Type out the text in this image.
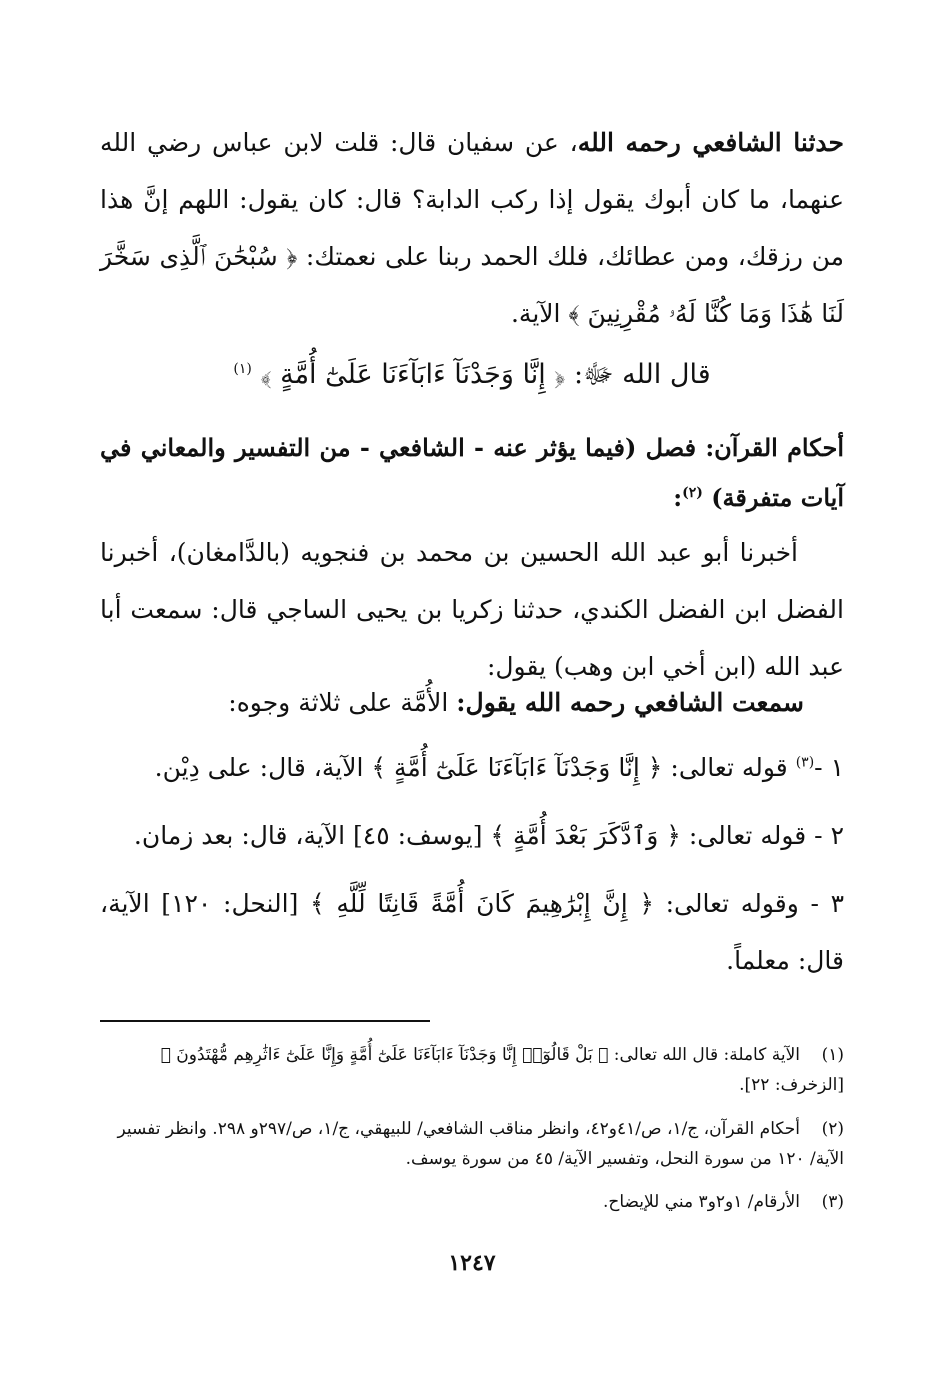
حدثنا الشافعي رحمه الله، عن سفيان قال: قلت لابن عباس رضي الله عنهما، ما كان أبوك يقول إذا ركب الدابة؟ قال: كان يقول: اللهم إنَّ هذا من رزقك، ومن عطائك، فلك الحمد ربنا على نعمتك: ﴿ سُبْحَٰنَ ٱلَّذِى سَخَّرَ لَنَا هَٰذَا وَمَا كُنَّا لَهُۥ مُقْرِنِينَ ﴾ الآية.

قال الله ﷻ: ﴿ إِنَّا وَجَدْنَآ ءَابَآءَنَا عَلَىٰٓ أُمَّةٍ ﴾ $^{(١)}$

أحكام القرآن: فصل (فيما يؤثر عنه - الشافعي - من التفسير والمعاني في آيات متفرقة) $^{(٢)}$:

أخبرنا أبو عبد الله الحسين بن محمد بن فنجويه (بالدَّامغان)، أخبرنا الفضل ابن الفضل الكندي، حدثنا زكريا بن يحيى الساجي قال: سمعت أبا عبد الله (ابن أخي ابن وهب) يقول:

سمعت الشافعي رحمه الله يقول: الأُمَّة على ثلاثة وجوه:

١ -$^{(٣)}$ قوله تعالى: ﴿ إِنَّا وَجَدْنَآ ءَابَآءَنَا عَلَىٰٓ أُمَّةٍ ﴾ الآية، قال: على دِيْن.

٢ - قوله تعالى: ﴿ وَٱدَّكَرَ بَعْدَ أُمَّةٍ ﴾ [يوسف: ٤٥] الآية، قال: بعد زمان.

٣ - وقوله تعالى: ﴿ إِنَّ إِبْرَٰهِيمَ كَانَ أُمَّةً قَانِتًا لِّلَّهِ ﴾ [النحل: ١٢٠] الآية، قال: معلماً.

(١)الآية كاملة: قال الله تعالى: ﴿ بَلْ قَالُوٓا۟ إِنَّا وَجَدْنَآ ءَابَآءَنَا عَلَىٰٓ أُمَّةٍ وَإِنَّا عَلَىٰٓ ءَاثَٰرِهِم مُّهْتَدُونَ ﴾ [الزخرف: ٢٢].

(٢)أحكام القرآن، ج/١، ص/٤١و٤٢، وانظر مناقب الشافعي/ للبيهقي، ج/١، ص/٢٩٧و ٢٩٨. وانظر تفسير الآية/ ١٢٠ من سورة النحل، وتفسير الآية/ ٤٥ من سورة يوسف.

(٣)الأرقام/ ١و٢و٣ مني للإيضاح.

١٢٤٧
